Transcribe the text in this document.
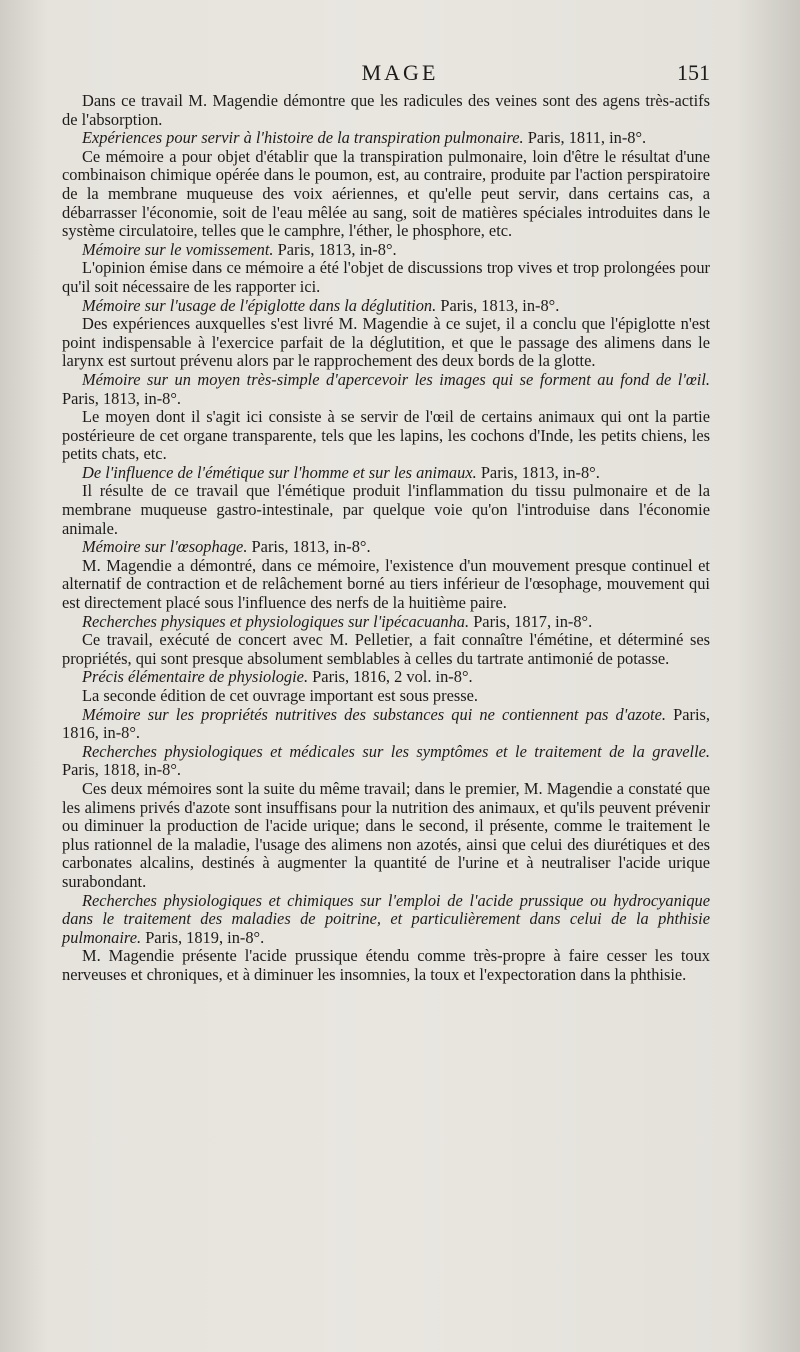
MAGE	151

Dans ce travail M. Magendie démontre que les radicules des veines sont des agens très-actifs de l'absorption.

Expériences pour servir à l'histoire de la transpiration pulmonaire. Paris, 1811, in-8°.

Ce mémoire a pour objet d'établir que la transpiration pulmonaire, loin d'être le résultat d'une combinaison chimique opérée dans le poumon, est, au contraire, produite par l'action perspiratoire de la membrane muqueuse des voix aériennes, et qu'elle peut servir, dans certains cas, a débarrasser l'économie, soit de l'eau mêlée au sang, soit de matières spéciales introduites dans le système circulatoire, telles que le camphre, l'éther, le phosphore, etc.

Mémoire sur le vomissement. Paris, 1813, in-8°.

L'opinion émise dans ce mémoire a été l'objet de discussions trop vives et trop prolongées pour qu'il soit nécessaire de les rapporter ici.

Mémoire sur l'usage de l'épiglotte dans la déglutition. Paris, 1813, in-8°.

Des expériences auxquelles s'est livré M. Magendie à ce sujet, il a conclu que l'épiglotte n'est point indispensable à l'exercice parfait de la déglutition, et que le passage des alimens dans le larynx est surtout prévenu alors par le rapprochement des deux bords de la glotte.

Mémoire sur un moyen très-simple d'apercevoir les images qui se forment au fond de l'œil. Paris, 1813, in-8°.

Le moyen dont il s'agit ici consiste à se servir de l'œil de certains animaux qui ont la partie postérieure de cet organe transparente, tels que les lapins, les cochons d'Inde, les petits chiens, les petits chats, etc.

De l'influence de l'émétique sur l'homme et sur les animaux. Paris, 1813, in-8°.

Il résulte de ce travail que l'émétique produit l'inflammation du tissu pulmonaire et de la membrane muqueuse gastro-intestinale, par quelque voie qu'on l'introduise dans l'économie animale.

Mémoire sur l'œsophage. Paris, 1813, in-8°.

M. Magendie a démontré, dans ce mémoire, l'existence d'un mouvement presque continuel et alternatif de contraction et de relâchement borné au tiers inférieur de l'œsophage, mouvement qui est directement placé sous l'influence des nerfs de la huitième paire.

Recherches physiques et physiologiques sur l'ipécacuanha. Paris, 1817, in-8°.

Ce travail, exécuté de concert avec M. Pelletier, a fait connaître l'émétine, et déterminé ses propriétés, qui sont presque absolument semblables à celles du tartrate antimonié de potasse.

Précis élémentaire de physiologie. Paris, 1816, 2 vol. in-8°.

La seconde édition de cet ouvrage important est sous presse.

Mémoire sur les propriétés nutritives des substances qui ne contiennent pas d'azote. Paris, 1816, in-8°.

Recherches physiologiques et médicales sur les symptômes et le traitement de la gravelle. Paris, 1818, in-8°.

Ces deux mémoires sont la suite du même travail; dans le premier, M. Magendie a constaté que les alimens privés d'azote sont insuffisans pour la nutrition des animaux, et qu'ils peuvent prévenir ou diminuer la production de l'acide urique; dans le second, il présente, comme le traitement le plus rationnel de la maladie, l'usage des alimens non azotés, ainsi que celui des diurétiques et des carbonates alcalins, destinés à augmenter la quantité de l'urine et à neutraliser l'acide urique surabondant.

Recherches physiologiques et chimiques sur l'emploi de l'acide prussique ou hydrocyanique dans le traitement des maladies de poitrine, et particulièrement dans celui de la phthisie pulmonaire. Paris, 1819, in-8°.

M. Magendie présente l'acide prussique étendu comme très-propre à faire cesser les toux nerveuses et chroniques, et à diminuer les insomnies, la toux et l'expectoration dans la phthisie.
